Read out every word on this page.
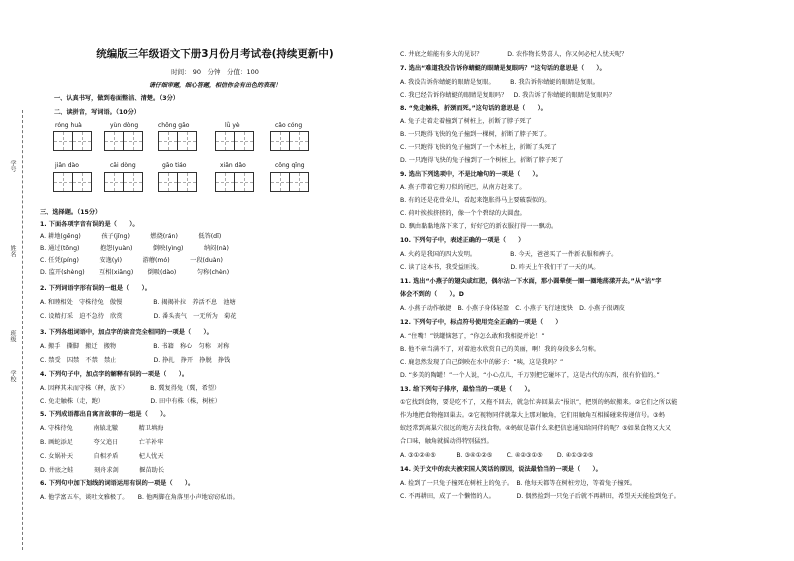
学号
姓名
班级
学校
统编版三年级语文下册3月份月考试卷(持续更新中)
时间： 90　分钟　分值：100
请仔细审题，细心答题，相信你会有出色的表现！
一、认真书写，做到卷面整洁、清楚。（3分）
二、读拼音，写词语。（10分）
róng huà	yùn dòng	chōng gāo	lǜ yè	cǎo cóng
jiān dào	cāi dòng	gāo tiáo	xiǎn dǎo	cōng qīng
三、选择题。（15分）
1. 下面各项字音有误的是（　　）。
A. 耕地(gēng)　　　 孩子(jǐng)　　　 燃烧(rán)　　　 低答(dī)
B. 通过(tōng)　　　 抱怨(yuàn)　　　 倒映(yìng)　　　 纳闷(nà)
C. 任凭(píng)　　　 安逸(yì)　　　 游蘑(mó)　　　 一段(duàn)
D. 监开(shèng)　　 互相(xiāng)　　 倒吸(dào)　　　 匀称(chèn)
2. 下列词语字形有误的一组是（　　）。
A. 和睦相处　守株待兔　傲慢　　　　　B. 揭揭补拉　养活不息　池塘
C. 设精打采　迫不急待　欣赏　　　　　D. 番头丧气　一无所为　菊花
3. 下列各组词语中，加点字的读音完全相同的一项是（　　）。
A. 搬手　撕脚　搬迁　搬物　　　　　　B. 书籍　称心　匀称　对称
C. 禁受　囚禁　不禁　禁止　　　　　　D. 挣扎　挣开　挣脱　挣钱
4. 下列句子中，加点字的解释有误的一项是（　　）。
A. 因释其未而守株（释，放下）　　　　B. 冀复得兔（冀，希望）
C. 免走触株（走，跑）　　　　　　　　D. 田中有株（株，树桩）
5. 下列成语都出自寓言故事的一组是（　　）。
A. 守株待兔　　　 南辕北辙　　　 精卫填海
B. 画蛇添足　　　 夸父追日　　　 亡羊补牢
C. 女娲补天　　　 自相矛盾　　　 杞人忧天
D. 井底之蛙　　　 刻舟求剑　　　 揠苗助长
6. 下列句中加下划线的词语运用有误的一项是（　　）。
A. 他学富五车，谈吐文雅极了。　　B. 他两脚在角落里小声地窃窃私语。
C. 井底之蛙能有多大的见识？　　　　D. 农作物长势喜人，你又何必杞人忧天呢？
7. 选出“难道我没告诉你蜻蜓的眼睛是复眼吗？”这句话的意思是（　　）。
A. 我没告诉你蜻蜓的眼睛是复眼。　　　B. 我告诉你蜻蜓的眼睛是复眼。
C. 我已经告诉你蜻蜓的眼睛是复眼吗？　D. 我告诉了你蜻蜓的眼睛是复眼吗？
8. “免走触株，折颈而死。”这句话的意思是（　　）。
A. 兔子走着走着撞到了树桩上，折断了脖子死了
B. 一只跑得飞快的兔子撞到一棵树，折断了脖子死了。
C. 一只跑得飞快的兔子撞到了一个木桩上，折断了头死了
D. 一只跑得飞快的兔子撞到了一个树桩上，折断了脖子死了
9. 选出下列选项中，不是比喻句的一项是（　　）。
A. 燕子带着它剪刀似的尾巴，从南方赶来了。
B. 有的还是花骨朵儿，看起来饱胀得马上要破裂似的。
C. 荷叶挨挨挤挤的，像一个个碧绿的大圆盘。
D. 飘由黏黏地落下来了，好好它的新衣服打得一一飘动。
10. 下列句子中，表述正确的一项是（　　）
A. 火药是我国的四大发明。　　　　　　B. 今天，爸爸买了一件新衣服和裤子。
C. 读了这本书，我受益匪浅。　　　　　D. 昨天上午我们干了一天的风。
11. 选出“小燕子的翅尖或红肥，偶尔沾一下水面，那小圆晕便一圈一圈地荡漾开去。”从“沾”字
体会不到的（　　）。D
A. 小燕子动作敏捷　B. 小燕子身体轻盈　C. 小燕子飞行速度快　D. 小燕子很调皮
12. 下列句子中，标点符号使用完全正确的一项是（　　）
A. “住嘴！”铁罐恼怒了，“你怎么敢和我相提并论！”
B. 他不章当满不了，对着池水欣赏自己的美丽，啊！我的身段多么匀称。
C. 鹿忽然发现了自己倒映在水中的影子：“咦，这是我吗？”
D. “多美的陶罐！”一个人说，“小心点儿，千万别把它碰坏了，这是古代的东西，很有价值的。”
13. 给下列句子排序，最恰当的一项是（　　）。
①它找到食物，要是吃不了，又拖不回去，就急忙奔回巢去“报讯”，把别的蚂蚁搬来。②它们之所以能
作为地把食物拖回巢去。②它视物同伴就靠大上那对触角，它们用触角互相摇碰来传递信号。③蚂
蚁经常到离巢穴很远的地方去找食物。④蚂蚁是靠什么来把信息通知给同伴的呢？⑤如果食物又大又
合口味，触角就摇动得特别猛烈。
A. ③①②④⑤　　　 B. ③④①②⑤　　 C. ④②③①⑤　　 D. ④①③②⑤
14. 关于文中的农夫被宋国人笑话的原因，说法最恰当的一项是（　　）。
A. 捡到了一只兔子撞死在树桩上的兔子。　B. 他每天都等在树桩旁边，等着兔子撞死。
C. 不再耕田，成了一个懒惰的人。　　　　D. 偶然捡到一只兔子后就不再耕田，希望天天能捡到兔子。
